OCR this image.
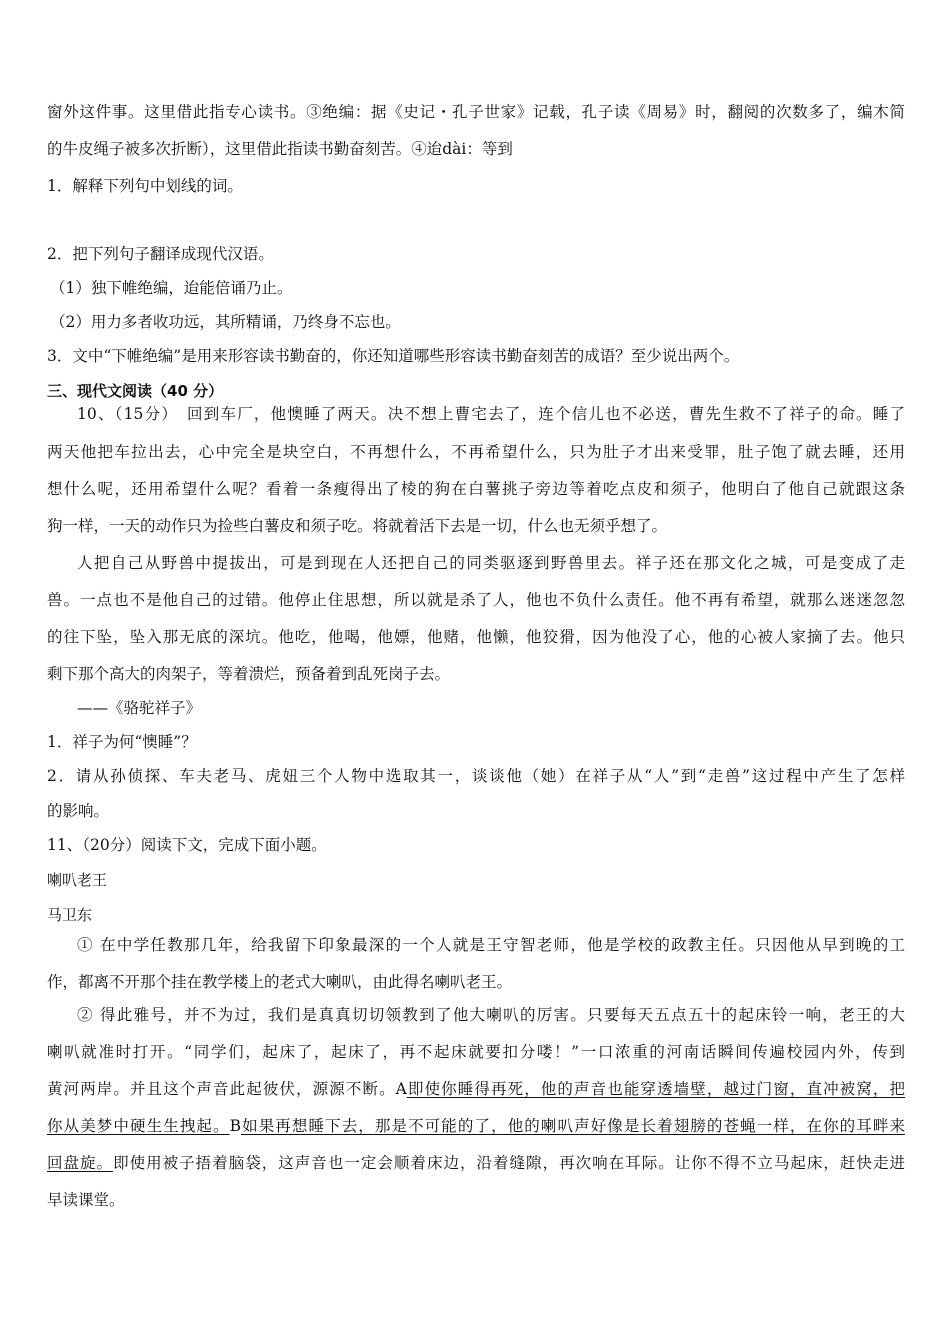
窗外这件事。这里借此指专心读书。③绝编：据《史记・孔子世家》记载，孔子读《周易》时，翻阅的次数多了，编木简
的牛皮绳子被多次折断），这里借此指读书勤奋刻苦。④迨dài：等到
1．解释下列句中划线的词。
2．把下列句子翻译成现代汉语。
（1）独下帷绝编，迨能倍诵乃止。
（2）用力多者收功远，其所精诵，乃终身不忘也。
3．文中“下帷绝编”是用来形容读书勤奋的，你还知道哪些形容读书勤奋刻苦的成语？至少说出两个。
三、现代文阅读（40 分）
10、（15分）　回到车厂，他懊睡了两天。决不想上曹宅去了，连个信儿也不必送，曹先生救不了祥子的命。睡了
两天他把车拉出去，心中完全是块空白，不再想什么，不再希望什么，只为肚子才出来受罪，肚子饱了就去睡，还用
想什么呢，还用希望什么呢？看着一条瘦得出了棱的狗在白薯挑子旁边等着吃点皮和须子，他明白了他自己就跟这条
狗一样，一天的动作只为捡些白薯皮和须子吃。将就着活下去是一切，什么也无须乎想了。
人把自己从野兽中提拔出，可是到现在人还把自己的同类驱逐到野兽里去。祥子还在那文化之城，可是变成了走
兽。一点也不是他自己的过错。他停止住思想，所以就是杀了人，他也不负什么责任。他不再有希望，就那么迷迷忽忽
的往下坠，坠入那无底的深坑。他吃，他喝，他嫖，他赌，他懒，他狡猾，因为他没了心，他的心被人家摘了去。他只
剩下那个高大的肉架子，等着溃烂，预备着到乱死岗子去。
——《骆驼祥子》
1．祥子为何“懊睡”？
2．请从孙侦探、车夫老马、虎妞三个人物中选取其一，谈谈他（她）在祥子从“人”到“走兽”这过程中产生了怎样
的影响。
11、（20分）阅读下文，完成下面小题。
喇叭老王
马卫东
① 在中学任教那几年，给我留下印象最深的一个人就是王守智老师，他是学校的政教主任。只因他从早到晚的工
作，都离不开那个挂在教学楼上的老式大喇叭，由此得名喇叭老王。
② 得此雅号，并不为过，我们是真真切切领教到了他大喇叭的厉害。只要每天五点五十的起床铃一响，老王的大
喇叭就准时打开。“同学们，起床了，起床了，再不起床就要扣分喽！”一口浓重的河南话瞬间传遍校园内外，传到
黄河两岸。并且这个声音此起彼伏，源源不断。A即使你睡得再死，他的声音也能穿透墙壁，越过门窗，直冲被窝，把
你从美梦中硬生生拽起。B如果再想睡下去，那是不可能的了，他的喇叭声好像是长着翅膀的苍蝇一样，在你的耳畔来
回盘旋。即使用被子捂着脑袋，这声音也一定会顺着床边，沿着缝隙，再次响在耳际。让你不得不立马起床，赶快走进
早读课堂。
